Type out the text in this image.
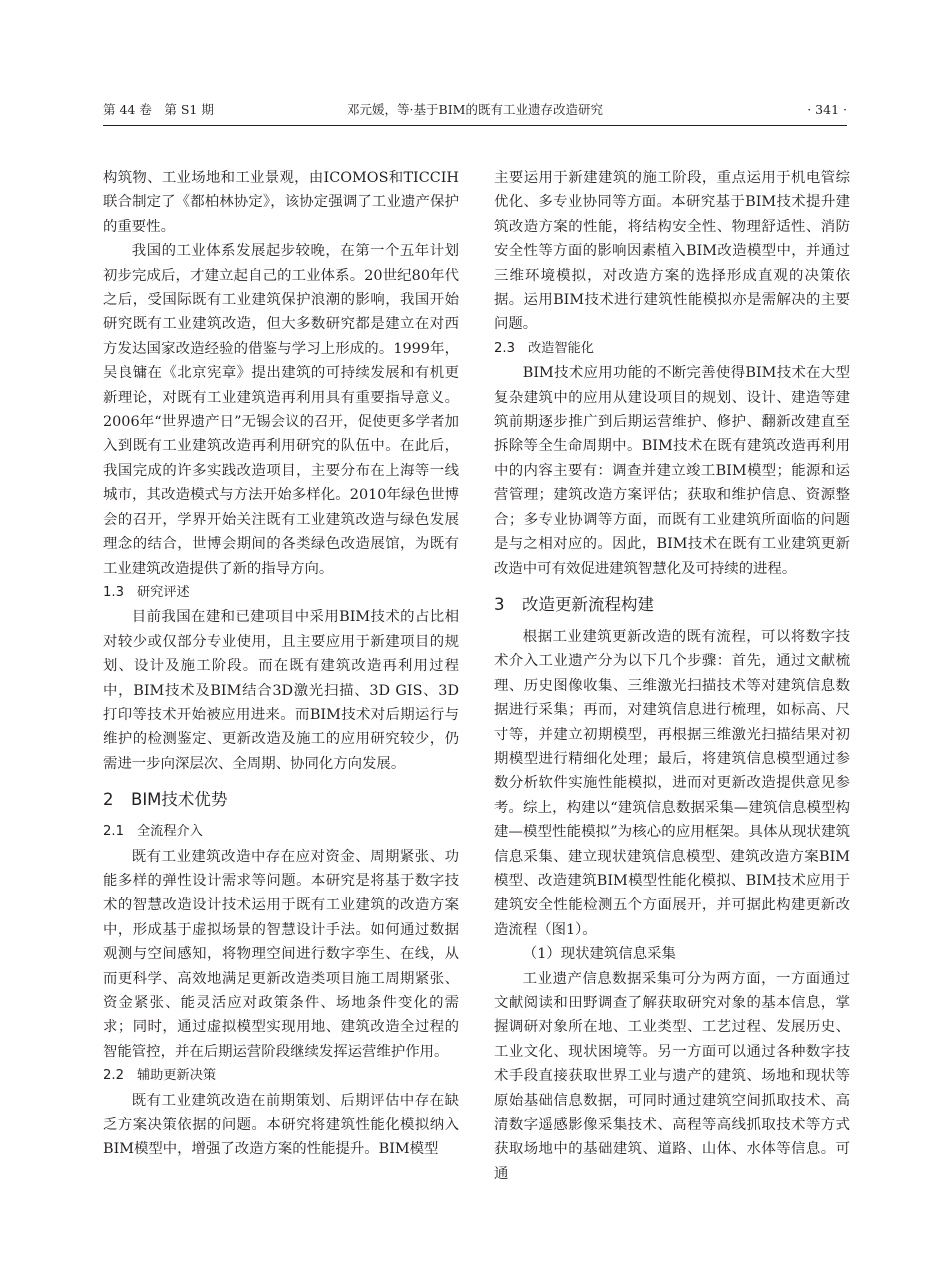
第 44 卷　第 S1 期	邓元媛，等·基于BIM的既有工业遗存改造研究	· 341 ·

构筑物、工业场地和工业景观，由ICOMOS和TICCIH联合制定了《都柏林协定》，该协定强调了工业遗产保护的重要性。

我国的工业体系发展起步较晚，在第一个五年计划初步完成后，才建立起自己的工业体系。20世纪80年代之后，受国际既有工业建筑保护浪潮的影响，我国开始研究既有工业建筑改造，但大多数研究都是建立在对西方发达国家改造经验的借鉴与学习上形成的。1999年，吴良镛在《北京宪章》提出建筑的可持续发展和有机更新理论，对既有工业建筑造再利用具有重要指导意义。2006年“世界遗产日”无锡会议的召开，促使更多学者加入到既有工业建筑改造再利用研究的队伍中。在此后，我国完成的许多实践改造项目，主要分布在上海等一线城市，其改造模式与方法开始多样化。2010年绿色世博会的召开，学界开始关注既有工业建筑改造与绿色发展理念的结合，世博会期间的各类绿色改造展馆，为既有工业建筑改造提供了新的指导方向。

1.3 研究评述

目前我国在建和已建项目中采用BIM技术的占比相对较少或仅部分专业使用，且主要应用于新建项目的规划、设计及施工阶段。而在既有建筑改造再利用过程中，BIM技术及BIM结合3D激光扫描、3D GIS、3D打印等技术开始被应用进来。而BIM技术对后期运行与维护的检测鉴定、更新改造及施工的应用研究较少，仍需进一步向深层次、全周期、协同化方向发展。

2 BIM技术优势
2.1 全流程介入

既有工业建筑改造中存在应对资金、周期紧张、功能多样的弹性设计需求等问题。本研究是将基于数字技术的智慧改造设计技术运用于既有工业建筑的改造方案中，形成基于虚拟场景的智慧设计手法。如何通过数据观测与空间感知，将物理空间进行数字孪生、在线，从而更科学、高效地满足更新改造类项目施工周期紧张、资金紧张、能灵活应对政策条件、场地条件变化的需求；同时，通过虚拟模型实现用地、建筑改造全过程的智能管控，并在后期运营阶段继续发挥运营维护作用。

2.2 辅助更新决策

既有工业建筑改造在前期策划、后期评估中存在缺乏方案决策依据的问题。本研究将建筑性能化模拟纳入BIM模型中，增强了改造方案的性能提升。BIM模型

主要运用于新建建筑的施工阶段，重点运用于机电管综优化、多专业协同等方面。本研究基于BIM技术提升建筑改造方案的性能，将结构安全性、物理舒适性、消防安全性等方面的影响因素植入BIM改造模型中，并通过三维环境模拟，对改造方案的选择形成直观的决策依据。运用BIM技术进行建筑性能模拟亦是需解决的主要问题。

2.3 改造智能化

BIM技术应用功能的不断完善使得BIM技术在大型复杂建筑中的应用从建设项目的规划、设计、建造等建筑前期逐步推广到后期运营维护、修护、翻新改建直至拆除等全生命周期中。BIM技术在既有建筑改造再利用中的内容主要有：调查并建立竣工BIM模型；能源和运营管理；建筑改造方案评估；获取和维护信息、资源整合；多专业协调等方面，而既有工业建筑所面临的问题是与之相对应的。因此，BIM技术在既有工业建筑更新改造中可有效促进建筑智慧化及可持续的进程。

3 改造更新流程构建

根据工业建筑更新改造的既有流程，可以将数字技术介入工业遗产分为以下几个步骤：首先，通过文献梳理、历史图像收集、三维激光扫描技术等对建筑信息数据进行采集；再而，对建筑信息进行梳理，如标高、尺寸等，并建立初期模型，再根据三维激光扫描结果对初期模型进行精细化处理；最后，将建筑信息模型通过参数分析软件实施性能模拟，进而对更新改造提供意见参考。综上，构建以“建筑信息数据采集—建筑信息模型构建—模型性能模拟”为核心的应用框架。具体从现状建筑信息采集、建立现状建筑信息模型、建筑改造方案BIM模型、改造建筑BIM模型性能化模拟、BIM技术应用于建筑安全性能检测五个方面展开，并可据此构建更新改造流程（图1）。

（1）现状建筑信息采集

工业遗产信息数据采集可分为两方面，一方面通过文献阅读和田野调查了解获取研究对象的基本信息，掌握调研对象所在地、工业类型、工艺过程、发展历史、工业文化、现状困境等。另一方面可以通过各种数字技术手段直接获取世界工业与遗产的建筑、场地和现状等原始基础信息数据，可同时通过建筑空间抓取技术、高清数字遥感影像采集技术、高程等高线抓取技术等方式获取场地中的基础建筑、道路、山体、水体等信息。可通
